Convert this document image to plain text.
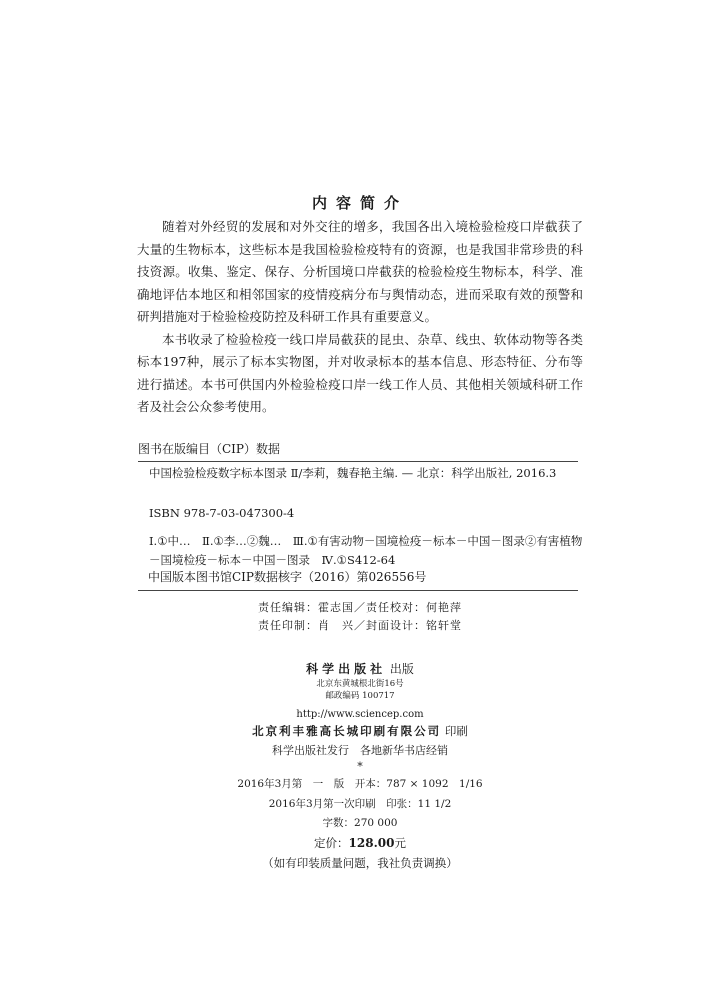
内容简介

随着对外经贸的发展和对外交往的增多，我国各出入境检验检疫口岸截获了大量的生物标本，这些标本是我国检验检疫特有的资源，也是我国非常珍贵的科技资源。收集、鉴定、保存、分析国境口岸截获的检验检疫生物标本，科学、准确地评估本地区和相邻国家的疫情疫病分布与舆情动态，进而采取有效的预警和研判措施对于检验检疫防控及科研工作具有重要意义。

本书收录了检验检疫一线口岸局截获的昆虫、杂草、线虫、软体动物等各类标本197种，展示了标本实物图，并对收录标本的基本信息、形态特征、分布等进行描述。本书可供国内外检验检疫口岸一线工作人员、其他相关领域科研工作者及社会公众参考使用。

图书在版编目（CIP）数据
中国检验检疫数字标本图录 Ⅱ/李莉，魏春艳主编. — 北京：科学出版社, 2016.3
ISBN 978-7-03-047300-4
Ⅰ.①中…　Ⅱ.①李…②魏…　Ⅲ.①有害动物－国境检疫－标本－中国－图录②有害植物－国境检疫－标本－中国－图录　Ⅳ.①S412-64
中国版本图书馆CIP数据核字（2016）第026556号
责任编辑：霍志国／责任校对：何艳萍
责任印制：肖　兴／封面设计：铭轩堂
科学出版社 出版
北京东黄城根北街16号
邮政编码 100717
http://www.sciencep.com
北京利丰雅高长城印刷有限公司 印刷
科学出版社发行　各地新华书店经销
*
2016年3月第　一　版　开本：787 × 1092　1/16
2016年3月第一次印刷　印张：11 1/2
字数：270 000
定价：128.00元
（如有印装质量问题，我社负责调换）
